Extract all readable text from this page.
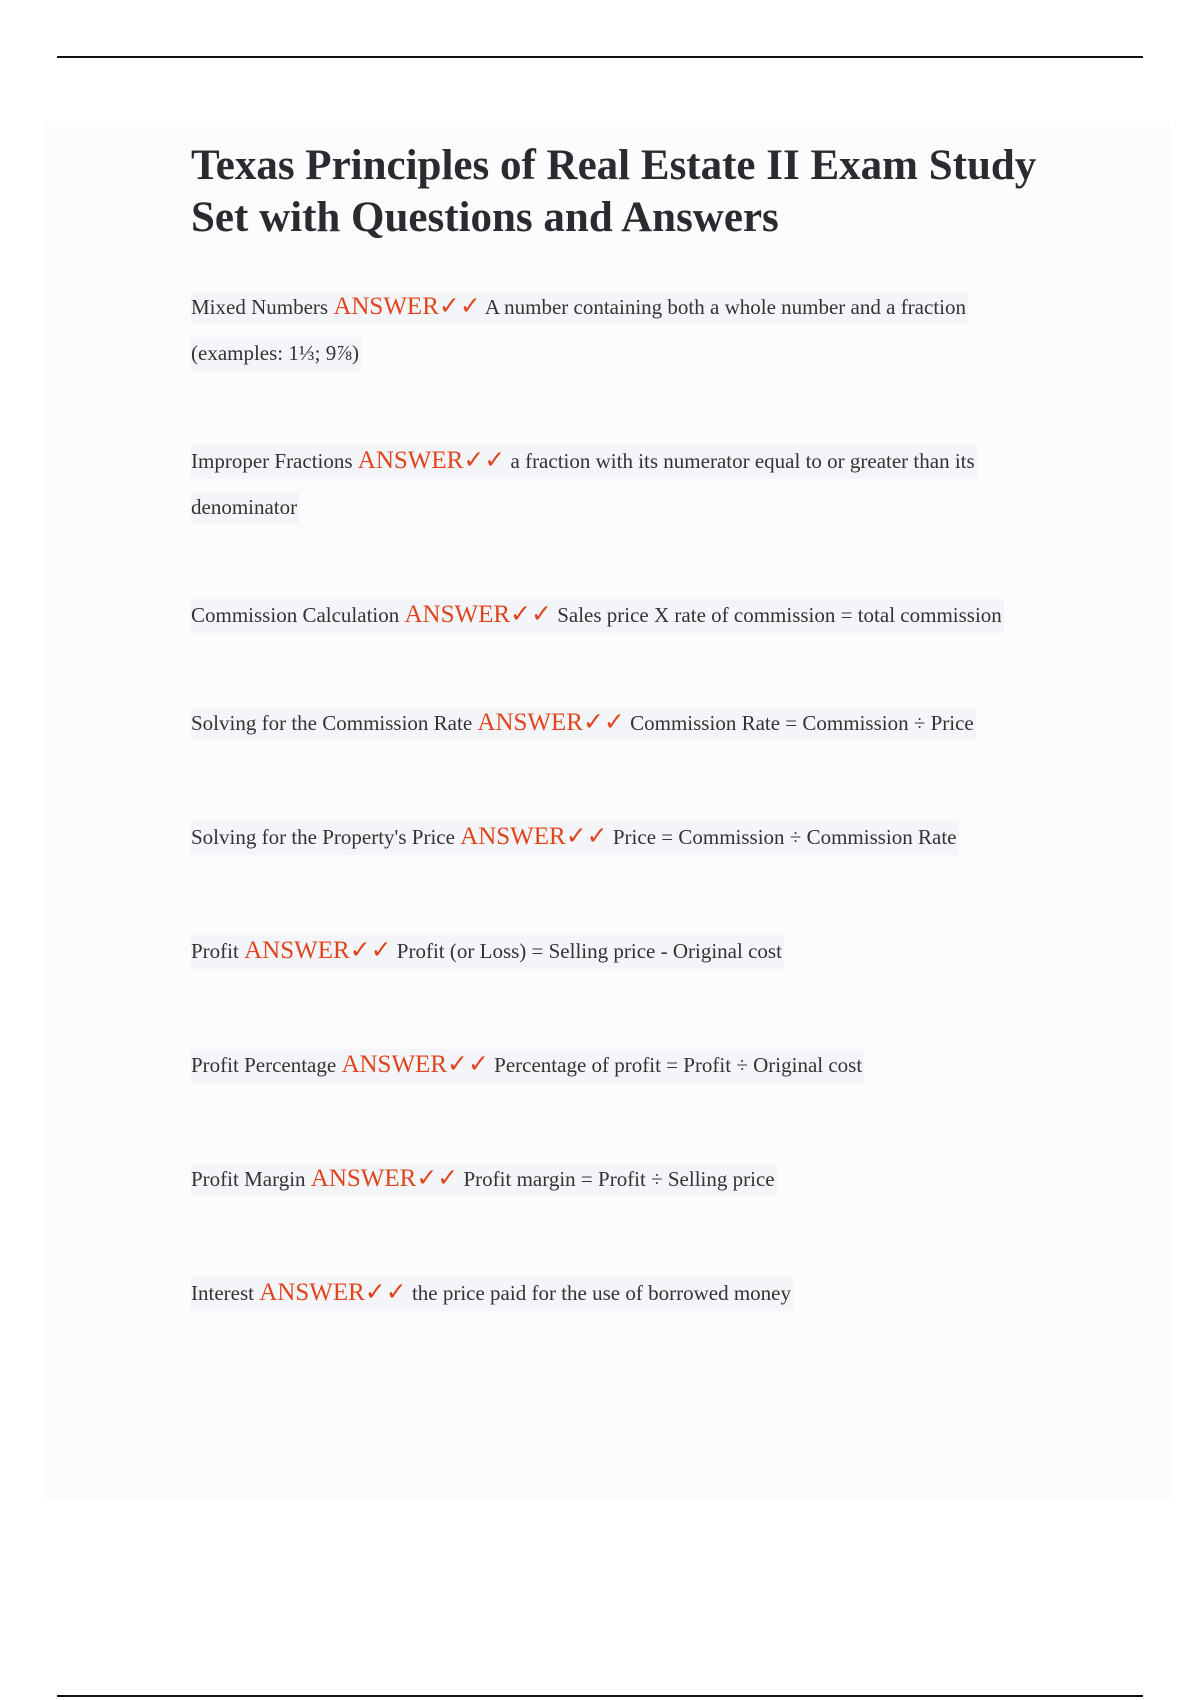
Texas Principles of Real Estate II Exam Study Set with Questions and Answers

Mixed Numbers ANSWER✓✓ A number containing both a whole number and a fraction (examples: 1⅓; 9⅞)

Improper Fractions ANSWER✓✓ a fraction with its numerator equal to or greater than its denominator

Commission Calculation ANSWER✓✓ Sales price X rate of commission = total commission

Solving for the Commission Rate ANSWER✓✓ Commission Rate = Commission ÷ Price

Solving for the Property's Price ANSWER✓✓ Price = Commission ÷ Commission Rate

Profit ANSWER✓✓ Profit (or Loss) = Selling price - Original cost

Profit Percentage ANSWER✓✓ Percentage of profit = Profit ÷ Original cost

Profit Margin ANSWER✓✓ Profit margin = Profit ÷ Selling price

Interest ANSWER✓✓ the price paid for the use of borrowed money
